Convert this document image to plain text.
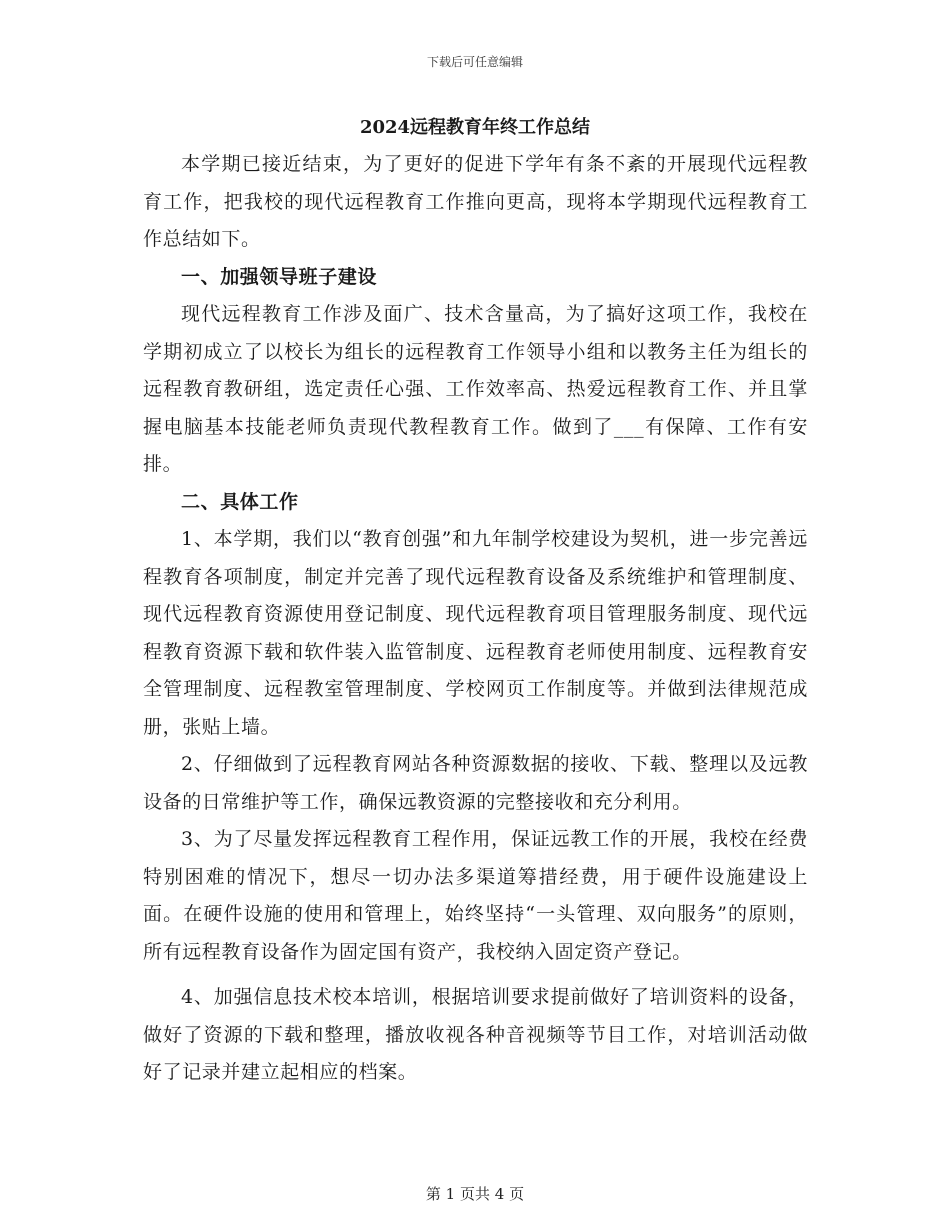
下载后可任意编辑
2024远程教育年终工作总结

本学期已接近结束，为了更好的促进下学年有条不紊的开展现代远程教育工作，把我校的现代远程教育工作推向更高，现将本学期现代远程教育工作总结如下。

一、加强领导班子建设

现代远程教育工作涉及面广、技术含量高，为了搞好这项工作，我校在学期初成立了以校长为组长的远程教育工作领导小组和以教务主任为组长的远程教育教研组，选定责任心强、工作效率高、热爱远程教育工作、并且掌握电脑基本技能老师负责现代教程教育工作。做到了___有保障、工作有安排。

二、具体工作

1、本学期，我们以“教育创强”和九年制学校建设为契机，进一步完善远程教育各项制度，制定并完善了现代远程教育设备及系统维护和管理制度、现代远程教育资源使用登记制度、现代远程教育项目管理服务制度、现代远程教育资源下载和软件装入监管制度、远程教育老师使用制度、远程教育安全管理制度、远程教室管理制度、学校网页工作制度等。并做到法律规范成册，张贴上墙。

2、仔细做到了远程教育网站各种资源数据的接收、下载、整理以及远教设备的日常维护等工作，确保远教资源的完整接收和充分利用。

3、为了尽量发挥远程教育工程作用，保证远教工作的开展，我校在经费特别困难的情况下，想尽一切办法多渠道筹措经费，用于硬件设施建设上面。在硬件设施的使用和管理上，始终坚持“一头管理、双向服务”的原则，所有远程教育设备作为固定国有资产，我校纳入固定资产登记。

4、加强信息技术校本培训，根据培训要求提前做好了培训资料的设备，做好了资源的下载和整理，播放收视各种音视频等节目工作，对培训活动做好了记录并建立起相应的档案。

第 1 页共 4 页
